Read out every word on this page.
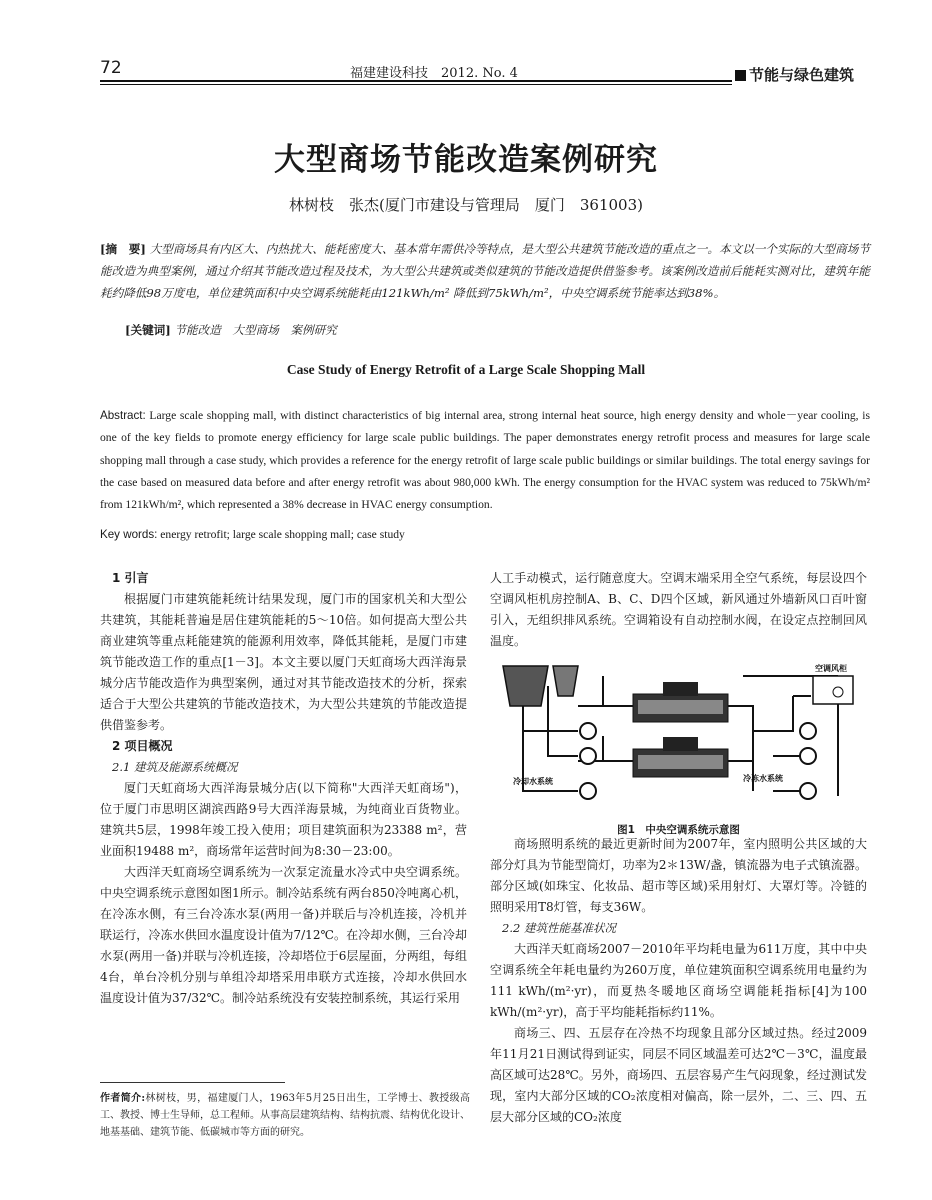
72	福建建设科技　2012. No. 4	节能与绿色建筑
大型商场节能改造案例研究
林树枝　张杰(厦门市建设与管理局　厦门　361003)
[摘　要] 大型商场具有内区大、内热扰大、能耗密度大、基本常年需供冷等特点，是大型公共建筑节能改造的重点之一。本文以一个实际的大型商场节能改造为典型案例，通过介绍其节能改造过程及技术，为大型公共建筑或类似建筑的节能改造提供借鉴参考。该案例改造前后能耗实测对比，建筑年能耗约降低98万度电，单位建筑面积中央空调系统能耗由121kWh/m² 降低到75kWh/m²，中央空调系统节能率达到38%。
[关键词] 节能改造　大型商场　案例研究
Case Study of Energy Retrofit of a Large Scale Shopping Mall
Abstract: Large scale shopping mall, with distinct characteristics of big internal area, strong internal heat source, high energy density and whole－year cooling, is one of the key fields to promote energy efficiency for large scale public buildings. The paper demonstrates energy retrofit process and measures for large scale shopping mall through a case study, which provides a reference for the energy retrofit of large scale public buildings or similar buildings. The total energy savings for the case based on measured data before and after energy retrofit was about 980,000 kWh. The energy consumption for the HVAC system was reduced to 75kWh/m² from 121kWh/m², which represented a 38% decrease in HVAC energy consumption.
Key words: energy retrofit; large scale shopping mall; case study

1 引言

根据厦门市建筑能耗统计结果发现，厦门市的国家机关和大型公共建筑，其能耗普遍是居住建筑能耗的5～10倍。如何提高大型公共商业建筑等重点耗能建筑的能源利用效率，降低其能耗，是厦门市建筑节能改造工作的重点[1－3]。本文主要以厦门天虹商场大西洋海景城分店节能改造作为典型案例，通过对其节能改造技术的分析，探索适合于大型公共建筑的节能改造技术，为大型公共建筑的节能改造提供借鉴参考。

2 项目概况

2.1 建筑及能源系统概况

厦门天虹商场大西洋海景城分店(以下简称"大西洋天虹商场")，位于厦门市思明区湖滨西路9号大西洋海景城，为纯商业百货物业。建筑共5层，1998年竣工投入使用；项目建筑面积为23388 m²，营业面积19488 m²，商场常年运营时间为8:30－23:00。

大西洋天虹商场空调系统为一次泵定流量水冷式中央空调系统。中央空调系统示意图如图1所示。制冷站系统有两台850冷吨离心机，在冷冻水侧，有三台冷冻水泵(两用一备)并联后与冷机连接，冷机并联运行，冷冻水供回水温度设计值为7/12℃。在冷却水侧，三台冷却水泵(两用一备)并联与冷机连接，冷却塔位于6层屋面，分两组，每组4台，单台冷机分别与单组冷却塔采用串联方式连接，冷却水供回水温度设计值为37/32℃。制冷站系统没有安装控制系统，其运行采用

人工手动模式，运行随意度大。空调末端采用全空气系统，每层设四个空调风柜机房控制A、B、C、D四个区域，新风通过外墙新风口百叶窗引入，无组织排风系统。空调箱设有自动控制水阀，在设定点控制回风温度。

空调风柜
冷却水系统	冷冻水系统
图1　中央空调系统示意图

商场照明系统的最近更新时间为2007年，室内照明公共区域的大部分灯具为节能型筒灯，功率为2＊13W/盏，镇流器为电子式镇流器。部分区域(如珠宝、化妆品、超市等区域)采用射灯、大罩灯等。冷链的照明采用T8灯管，每支36W。

2.2 建筑性能基准状况

大西洋天虹商场2007－2010年平均耗电量为611万度，其中中央空调系统全年耗电量约为260万度，单位建筑面积空调系统用电量约为111 kWh/(m²·yr)，而夏热冬暖地区商场空调能耗指标[4]为100 kWh/(m²·yr)，高于平均能耗指标约11%。

商场三、四、五层存在冷热不均现象且部分区域过热。经过2009年11月21日测试得到证实，同层不同区域温差可达2℃－3℃，温度最高区域可达28℃。另外，商场四、五层容易产生气闷现象，经过测试发现，室内大部分区域的CO₂浓度相对偏高，除一层外，二、三、四、五层大部分区域的CO₂浓度

作者简介:林树枝，男，福建厦门人，1963年5月25日出生，工学博士、教授级高工、教授、博士生导师，总工程师。从事高层建筑结构、结构抗震、结构优化设计、地基基础、建筑节能、低碳城市等方面的研究。
